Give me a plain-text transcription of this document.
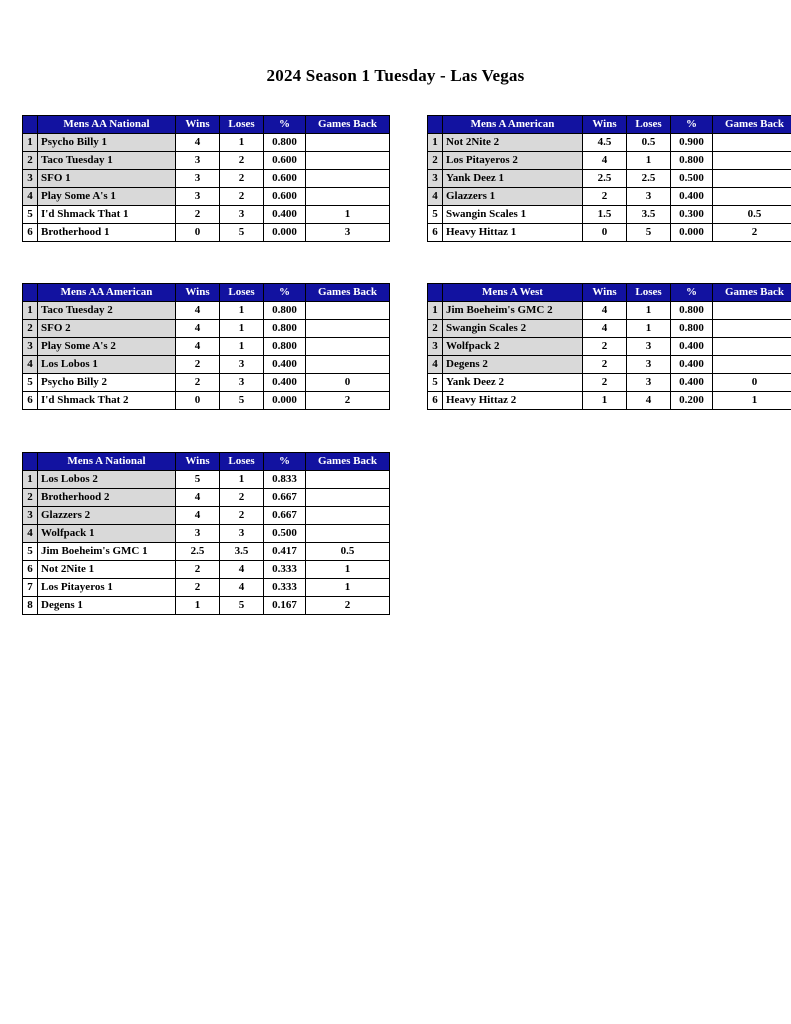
2024 Season 1 Tuesday - Las Vegas
	Mens AA National	Wins	Loses	%	Games Back
1	Psycho Billy 1	4	1	0.800	
2	Taco Tuesday 1	3	2	0.600	
3	SFO 1	3	2	0.600	
4	Play Some A's 1	3	2	0.600	
5	I'd Shmack That 1	2	3	0.400	1
6	Brotherhood 1	0	5	0.000	3
	Mens AA American	Wins	Loses	%	Games Back
1	Taco Tuesday 2	4	1	0.800	
2	SFO 2	4	1	0.800	
3	Play Some A's 2	4	1	0.800	
4	Los Lobos 1	2	3	0.400	
5	Psycho Billy 2	2	3	0.400	0
6	I'd Shmack That 2	0	5	0.000	2
	Mens A National	Wins	Loses	%	Games Back
1	Los Lobos 2	5	1	0.833	
2	Brotherhood 2	4	2	0.667	
3	Glazzers 2	4	2	0.667	
4	Wolfpack 1	3	3	0.500	
5	Jim Boeheim's GMC 1	2.5	3.5	0.417	0.5
6	Not 2Nite 1	2	4	0.333	1
7	Los Pitayeros 1	2	4	0.333	1
8	Degens 1	1	5	0.167	2
	Mens A American	Wins	Loses	%	Games Back
1	Not 2Nite 2	4.5	0.5	0.900	
2	Los Pitayeros 2	4	1	0.800	
3	Yank Deez 1	2.5	2.5	0.500	
4	Glazzers 1	2	3	0.400	
5	Swangin Scales 1	1.5	3.5	0.300	0.5
6	Heavy Hittaz 1	0	5	0.000	2
	Mens A West	Wins	Loses	%	Games Back
1	Jim Boeheim's GMC 2	4	1	0.800	
2	Swangin Scales 2	4	1	0.800	
3	Wolfpack 2	2	3	0.400	
4	Degens 2	2	3	0.400	
5	Yank Deez 2	2	3	0.400	0
6	Heavy Hittaz 2	1	4	0.200	1
